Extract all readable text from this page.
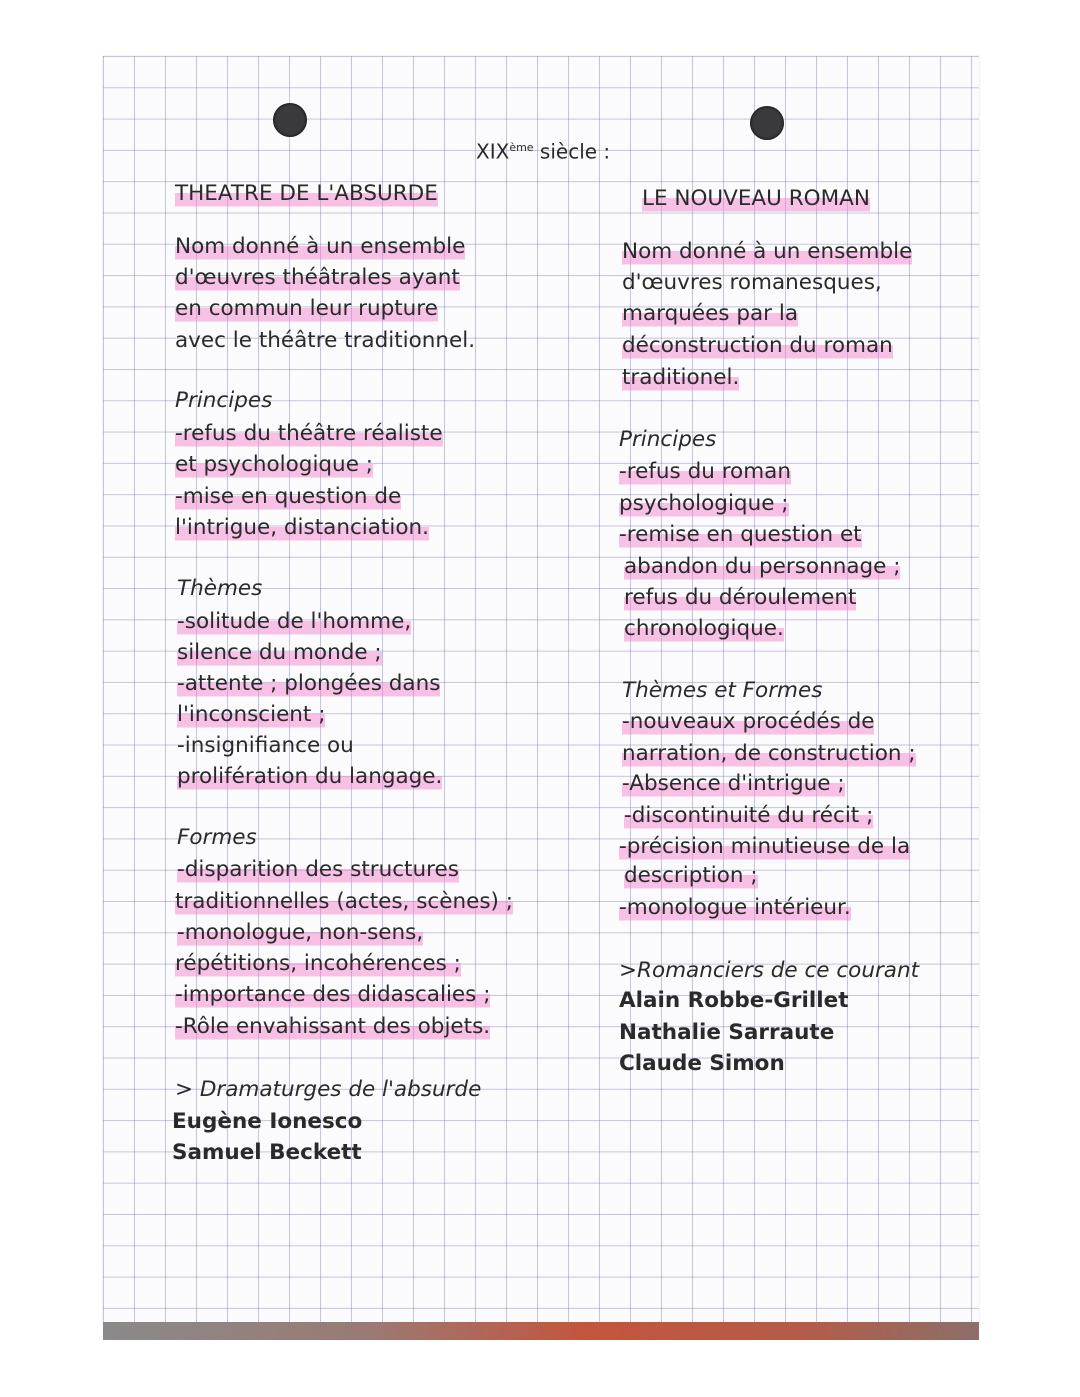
XIXème siècle :
THEATRE DE L'ABSURDE
Nom donné à un ensemble
d'œuvres théâtrales ayant
en commun leur rupture
avec le théâtre traditionnel.
Principes
-refus du théâtre réaliste
et psychologique ;
-mise en question de
l'intrigue, distanciation.
Thèmes
-solitude de l'homme,
silence du monde ;
-attente ; plongées dans
l'inconscient ;
-insignifiance ou
prolifération du langage.
Formes
-disparition des structures
traditionnelles (actes, scènes) ;
-monologue, non-sens,
répétitions, incohérences ;
-importance des didascalies ;
-Rôle envahissant des objets.
> Dramaturges de l'absurde
Eugène Ionesco
Samuel Beckett
LE NOUVEAU ROMAN
Nom donné à un ensemble
d'œuvres romanesques,
marquées par la
déconstruction du roman
traditionel.
Principes
-refus du roman
psychologique ;
-remise en question et
abandon du personnage ;
refus du déroulement
chronologique.
Thèmes et Formes
-nouveaux procédés de
narration, de construction ;
-Absence d'intrigue ;
-discontinuité du récit ;
-précision minutieuse de la
description ;
-monologue intérieur.
>Romanciers de ce courant
Alain Robbe-Grillet
Nathalie Sarraute
Claude Simon
